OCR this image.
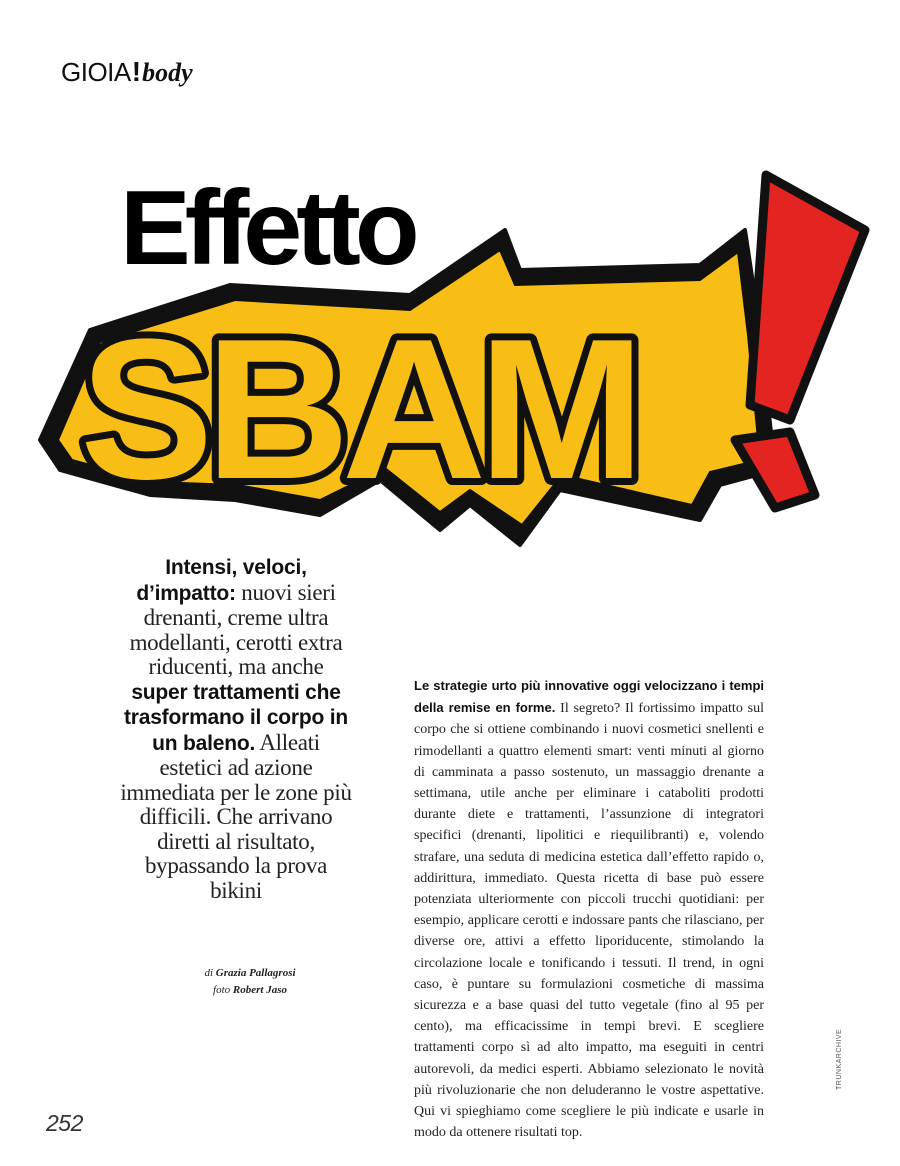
GIOIA!body
Effetto
SBAM

Intensi, veloci, d’impatto: nuovi sieri drenanti, creme ultra modellanti, cerotti extra riducenti, ma anche super trattamenti che trasformano il corpo in un baleno. Alleati estetici ad azione immediata per le zone più difficili. Che arrivano diretti al risultato, bypassando la prova bikini

di Grazia Pallagrosi
foto Robert Jaso

Le strategie urto più innovative oggi velocizzano i tempi della remise en forme. Il segreto? Il fortissimo impatto sul corpo che si ottiene combinando i nuovi cosmetici snellenti e rimodellanti a quattro elementi smart: venti minuti al giorno di camminata a passo sostenuto, un massaggio drenante a settimana, utile anche per eliminare i cataboliti prodotti durante diete e trattamenti, l’assunzione di integratori specifici (drenanti, lipolitici e riequilibranti) e, volendo strafare, una seduta di medicina estetica dall’effetto rapido o, addirittura, immediato. Questa ricetta di base può essere potenziata ulteriormente con piccoli trucchi quotidiani: per esempio, applicare cerotti e indossare pants che rilasciano, per diverse ore, attivi a effetto liporiducente, stimolando la circolazione locale e tonificando i tessuti. Il trend, in ogni caso, è puntare su formulazioni cosmetiche di massima sicurezza e a base quasi del tutto vegetale (fino al 95 per cento), ma efficacissime in tempi brevi. E scegliere trattamenti corpo sì ad alto impatto, ma eseguiti in centri autorevoli, da medici esperti. Abbiamo selezionato le novità più rivoluzionarie che non deluderanno le vostre aspettative. Qui vi spieghiamo come scegliere le più indicate e usarle in modo da ottenere risultati top.

TRUNKARCHIVE
252
